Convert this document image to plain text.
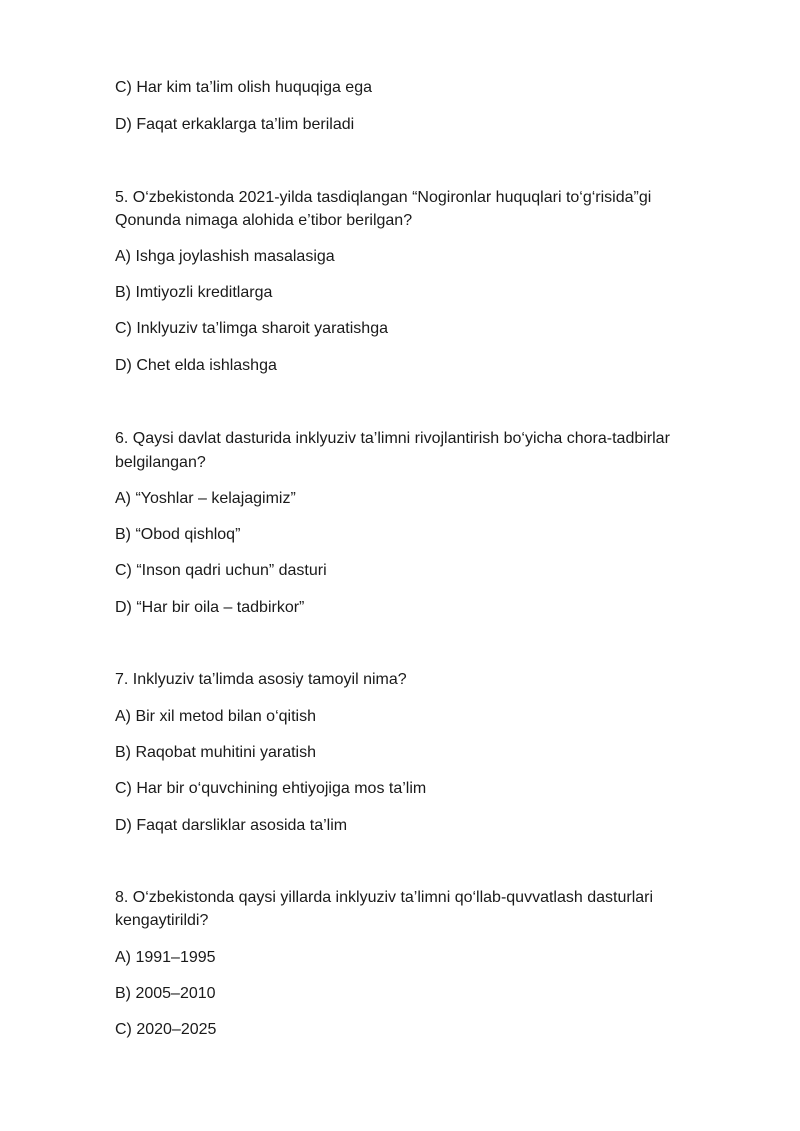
C) Har kim ta’lim olish huquqiga ega
D) Faqat erkaklarga ta’lim beriladi
5. O‘zbekistonda 2021-yilda tasdiqlangan “Nogironlar huquqlari to‘g‘risida”gi
Qonunda nimaga alohida e’tibor berilgan?
A) Ishga joylashish masalasiga
B) Imtiyozli kreditlarga
C) Inklyuziv ta’limga sharoit yaratishga
D) Chet elda ishlashga
6. Qaysi davlat dasturida inklyuziv ta’limni rivojlantirish bo‘yicha chora-tadbirlar
belgilangan?
A) “Yoshlar – kelajagimiz”
B) “Obod qishloq”
C) “Inson qadri uchun” dasturi
D) “Har bir oila – tadbirkor”
7. Inklyuziv ta’limda asosiy tamoyil nima?
A) Bir xil metod bilan o‘qitish
B) Raqobat muhitini yaratish
C) Har bir o‘quvchining ehtiyojiga mos ta’lim
D) Faqat darsliklar asosida ta’lim
8. O‘zbekistonda qaysi yillarda inklyuziv ta’limni qo‘llab-quvvatlash dasturlari
kengaytirildi?
A) 1991–1995
B) 2005–2010
C) 2020–2025
